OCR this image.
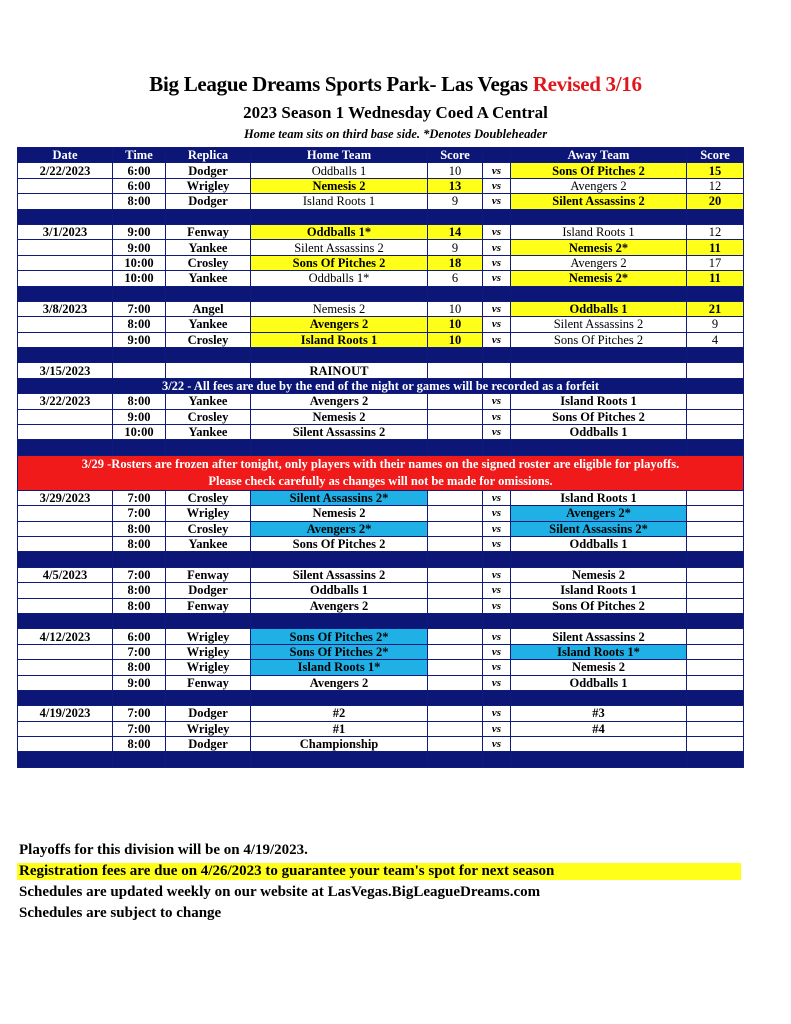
Big League Dreams Sports Park- Las Vegas Revised 3/16
2023 Season 1 Wednesday Coed A Central
Home team sits on third base side. *Denotes Doubleheader
Date	Time	Replica	Home Team	Score		Away Team	Score
2/22/2023	6:00	Dodger	Oddballs 1	10	vs	Sons Of Pitches 2	15
	6:00	Wrigley	Nemesis 2	13	vs	Avengers 2	12
	8:00	Dodger	Island Roots 1	9	vs	Silent Assassins 2	20

3/1/2023	9:00	Fenway	Oddballs 1*	14	vs	Island Roots 1	12
	9:00	Yankee	Silent Assassins 2	9	vs	Nemesis 2*	11
	10:00	Crosley	Sons Of Pitches 2	18	vs	Avengers 2	17
	10:00	Yankee	Oddballs 1*	6	vs	Nemesis 2*	11

3/8/2023	7:00	Angel	Nemesis 2	10	vs	Oddballs 1	21
	8:00	Yankee	Avengers 2	10	vs	Silent Assassins 2	9
	9:00	Crosley	Island Roots 1	10	vs	Sons Of Pitches 2	4

3/15/2023			RAINOUT				
3/22 - All fees are due by the end of the night or games will be recorded as a forfeit							
3/22/2023	8:00	Yankee	Avengers 2		vs	Island Roots 1	
	9:00	Crosley	Nemesis 2		vs	Sons Of Pitches 2	
	10:00	Yankee	Silent Assassins 2		vs	Oddballs 1	

3/29 -Rosters are frozen after tonight, only players with their names on the signed roster are eligible for playoffs.
Please check carefully as changes will not be made for omissions.							

3/29/2023	7:00	Crosley	Silent Assassins 2*		vs	Island Roots 1	
	7:00	Wrigley	Nemesis 2		vs	Avengers 2*	
	8:00	Crosley	Avengers 2*		vs	Silent Assassins 2*	
	8:00	Yankee	Sons Of Pitches 2		vs	Oddballs 1	

4/5/2023	7:00	Fenway	Silent Assassins 2		vs	Nemesis 2	
	8:00	Dodger	Oddballs 1		vs	Island Roots 1	
	8:00	Fenway	Avengers 2		vs	Sons Of Pitches 2	

4/12/2023	6:00	Wrigley	Sons Of Pitches 2*		vs	Silent Assassins 2	
	7:00	Wrigley	Sons Of Pitches 2*		vs	Island Roots 1*	
	8:00	Wrigley	Island Roots 1*		vs	Nemesis 2	
	9:00	Fenway	Avengers 2		vs	Oddballs 1	

4/19/2023	7:00	Dodger	#2		vs	#3	
	7:00	Wrigley	#1		vs	#4	
	8:00	Dodger	Championship		vs		

Playoffs for this division will be on 4/19/2023.
Registration fees are due on 4/26/2023 to guarantee your team's spot for next season
Schedules are updated weekly on our website at LasVegas.BigLeagueDreams.com
Schedules are subject to change
